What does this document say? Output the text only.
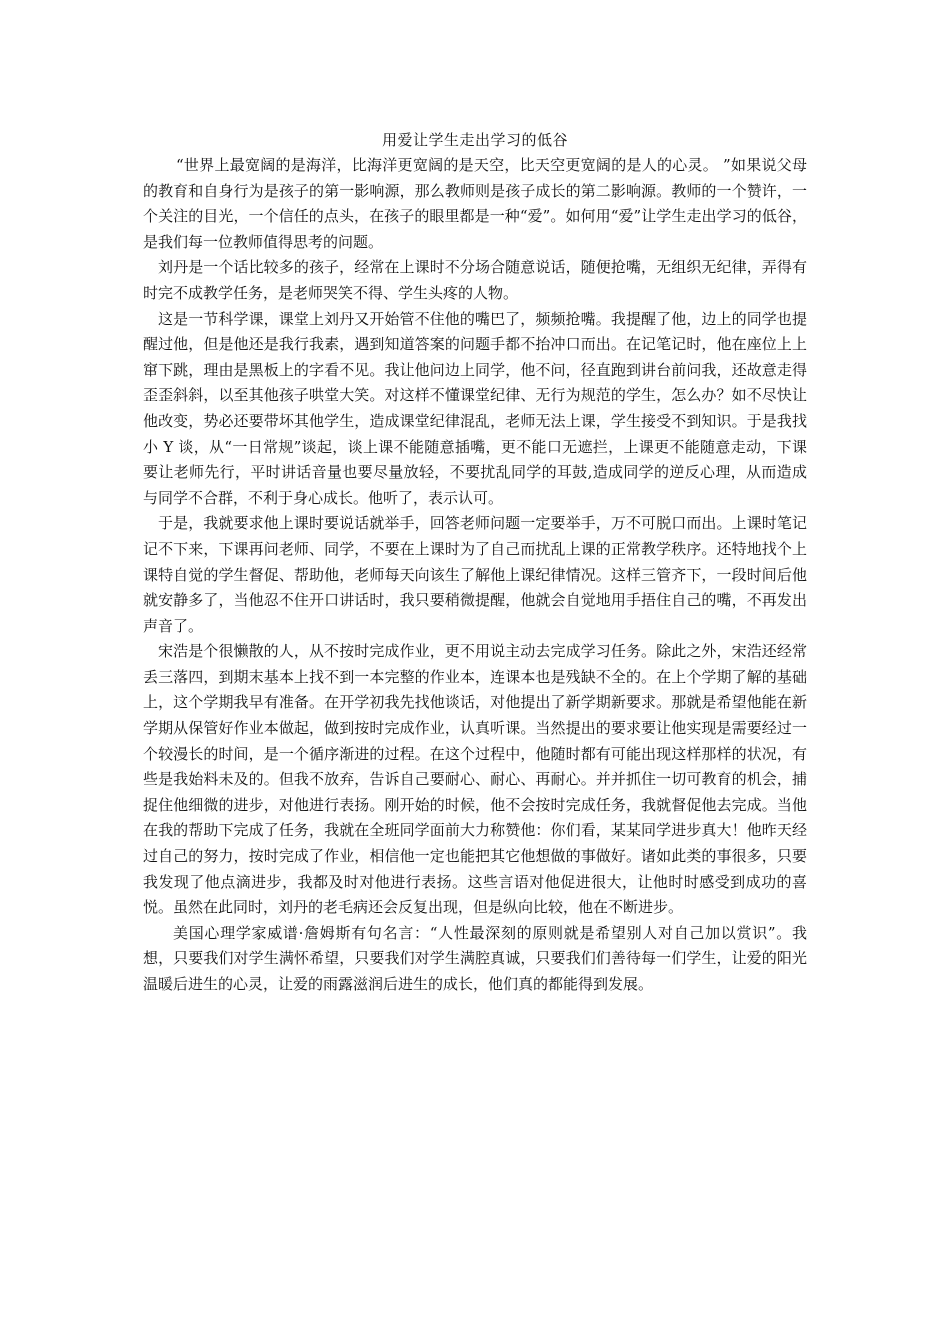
用爱让学生走出学习的低谷

“世界上最宽阔的是海洋，比海洋更宽阔的是天空，比天空更宽阔的是人的心灵。 ”如果说父母的教育和自身行为是孩子的第一影响源，那么教师则是孩子成长的第二影响源。教师的一个赞许，一个关注的目光，一个信任的点头，在孩子的眼里都是一种“爱”。如何用“爱”让学生走出学习的低谷，是我们每一位教师值得思考的问题。

刘丹是一个话比较多的孩子，经常在上课时不分场合随意说话，随便抢嘴，无组织无纪律，弄得有时完不成教学任务，是老师哭笑不得、学生头疼的人物。

这是一节科学课，课堂上刘丹又开始管不住他的嘴巴了，频频抢嘴。我提醒了他，边上的同学也提醒过他，但是他还是我行我素，遇到知道答案的问题手都不抬冲口而出。在记笔记时，他在座位上上窜下跳，理由是黑板上的字看不见。我让他问边上同学，他不问，径直跑到讲台前问我，还故意走得歪歪斜斜，以至其他孩子哄堂大笑。对这样不懂课堂纪律、无行为规范的学生，怎么办？如不尽快让他改变，势必还要带坏其他学生，造成课堂纪律混乱，老师无法上课，学生接受不到知识。于是我找小 Y 谈，从“一日常规”谈起，谈上课不能随意插嘴，更不能口无遮拦，上课更不能随意走动，下课要让老师先行，平时讲话音量也要尽量放轻，不要扰乱同学的耳鼓,造成同学的逆反心理，从而造成与同学不合群，不利于身心成长。他听了，表示认可。

于是，我就要求他上课时要说话就举手，回答老师问题一定要举手，万不可脱口而出。上课时笔记记不下来，下课再问老师、同学，不要在上课时为了自己而扰乱上课的正常教学秩序。还特地找个上课特自觉的学生督促、帮助他，老师每天向该生了解他上课纪律情况。这样三管齐下，一段时间后他就安静多了，当他忍不住开口讲话时，我只要稍微提醒，他就会自觉地用手捂住自己的嘴，不再发出声音了。

宋浩是个很懒散的人，从不按时完成作业，更不用说主动去完成学习任务。除此之外，宋浩还经常丢三落四，到期末基本上找不到一本完整的作业本，连课本也是残缺不全的。在上个学期了解的基础上，这个学期我早有准备。在开学初我先找他谈话，对他提出了新学期新要求。那就是希望他能在新学期从保管好作业本做起，做到按时完成作业，认真听课。当然提出的要求要让他实现是需要经过一个较漫长的时间，是一个循序渐进的过程。在这个过程中，他随时都有可能出现这样那样的状况，有些是我始料未及的。但我不放弃，告诉自己要耐心、耐心、再耐心。并并抓住一切可教育的机会，捕捉住他细微的进步，对他进行表扬。刚开始的时候，他不会按时完成任务，我就督促他去完成。当他在我的帮助下完成了任务，我就在全班同学面前大力称赞他：你们看，某某同学进步真大！他昨天经过自己的努力，按时完成了作业，相信他一定也能把其它他想做的事做好。诸如此类的事很多，只要我发现了他点滴进步，我都及时对他进行表扬。这些言语对他促进很大，让他时时感受到成功的喜悦。虽然在此同时，刘丹的老毛病还会反复出现，但是纵向比较，他在不断进步。

美国心理学家威谱·詹姆斯有句名言：“人性最深刻的原则就是希望别人对自己加以赏识”。我想，只要我们对学生满怀希望，只要我们对学生满腔真诚，只要我们们善待每一们学生，让爱的阳光温暖后进生的心灵，让爱的雨露滋润后进生的成长，他们真的都能得到发展。
